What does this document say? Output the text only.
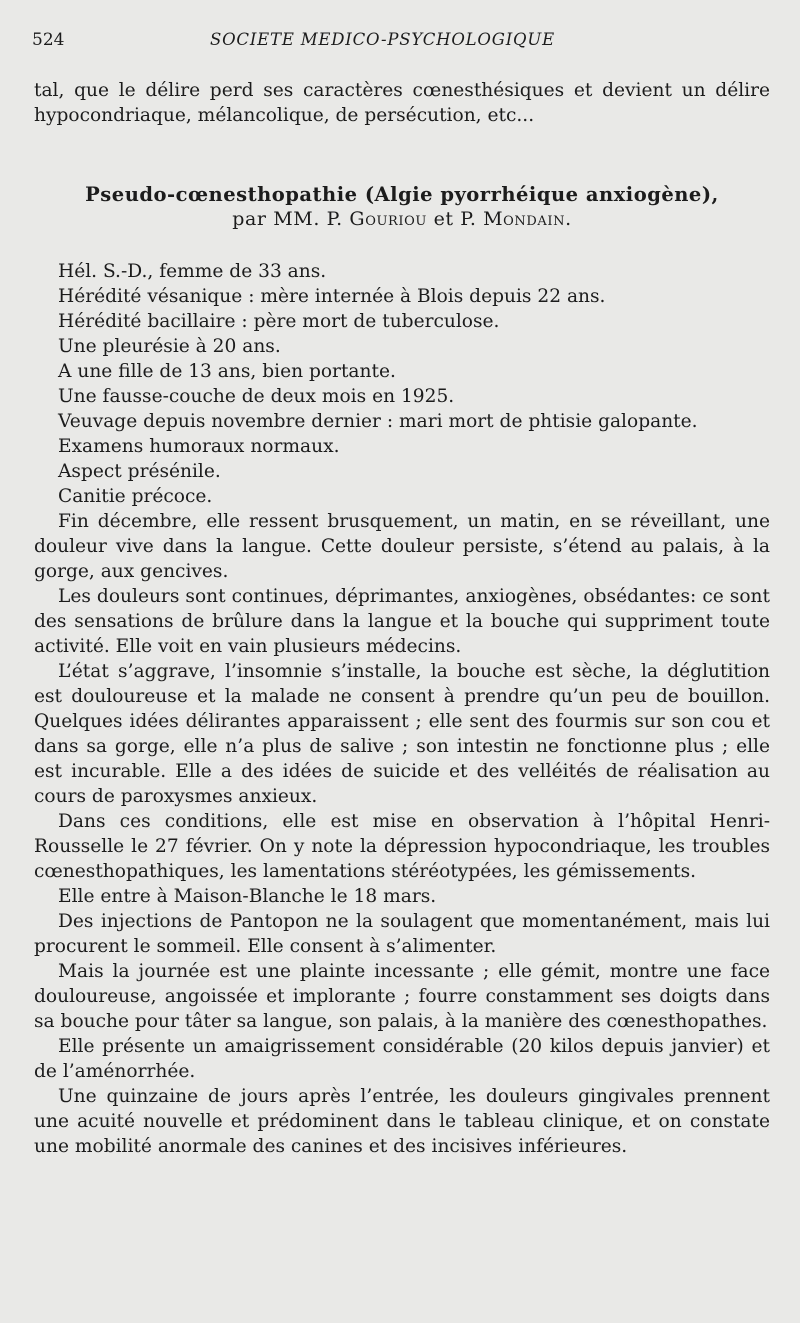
524	SOCIETE MEDICO-PSYCHOLOGIQUE

tal, que le délire perd ses caractères cœnesthésiques et devient un délire hypocondriaque, mélancolique, de persécution, etc...

Pseudo-cœnesthopathie (Algie pyorrhéique anxiogène),
par MM. P. Gouriou et P. Mondain.

Hél. S.-D., femme de 33 ans.

Hérédité vésanique : mère internée à Blois depuis 22 ans.

Hérédité bacillaire : père mort de tuberculose.

Une pleurésie à 20 ans.

A une fille de 13 ans, bien portante.

Une fausse-couche de deux mois en 1925.

Veuvage depuis novembre dernier : mari mort de phtisie galopante.

Examens humoraux normaux.

Aspect présénile.

Canitie précoce.

Fin décembre, elle ressent brusquement, un matin, en se réveillant, une douleur vive dans la langue. Cette douleur persiste, s’étend au palais, à la gorge, aux gencives.

Les douleurs sont continues, déprimantes, anxiogènes, obsédantes: ce sont des sensations de brûlure dans la langue et la bouche qui suppriment toute activité. Elle voit en vain plusieurs médecins.

L’état s’aggrave, l’insomnie s’installe, la bouche est sèche, la déglutition est douloureuse et la malade ne consent à prendre qu’un peu de bouillon. Quelques idées délirantes apparaissent ; elle sent des fourmis sur son cou et dans sa gorge, elle n’a plus de salive ; son intestin ne fonctionne plus ; elle est incurable. Elle a des idées de suicide et des velléités de réalisation au cours de paroxysmes anxieux.

Dans ces conditions, elle est mise en observation à l’hôpital Henri-Rousselle le 27 février. On y note la dépression hypocondriaque, les troubles cœnesthopathiques, les lamentations stéréotypées, les gémissements.

Elle entre à Maison-Blanche le 18 mars.

Des injections de Pantopon ne la soulagent que momentanément, mais lui procurent le sommeil. Elle consent à s’alimenter.

Mais la journée est une plainte incessante ; elle gémit, montre une face douloureuse, angoissée et implorante ; fourre constamment ses doigts dans sa bouche pour tâter sa langue, son palais, à la manière des cœnesthopathes.

Elle présente un amaigrissement considérable (20 kilos depuis janvier) et de l’aménorrhée.

Une quinzaine de jours après l’entrée, les douleurs gingivales prennent une acuité nouvelle et prédominent dans le tableau clinique, et on constate une mobilité anormale des canines et des incisives inférieures.
